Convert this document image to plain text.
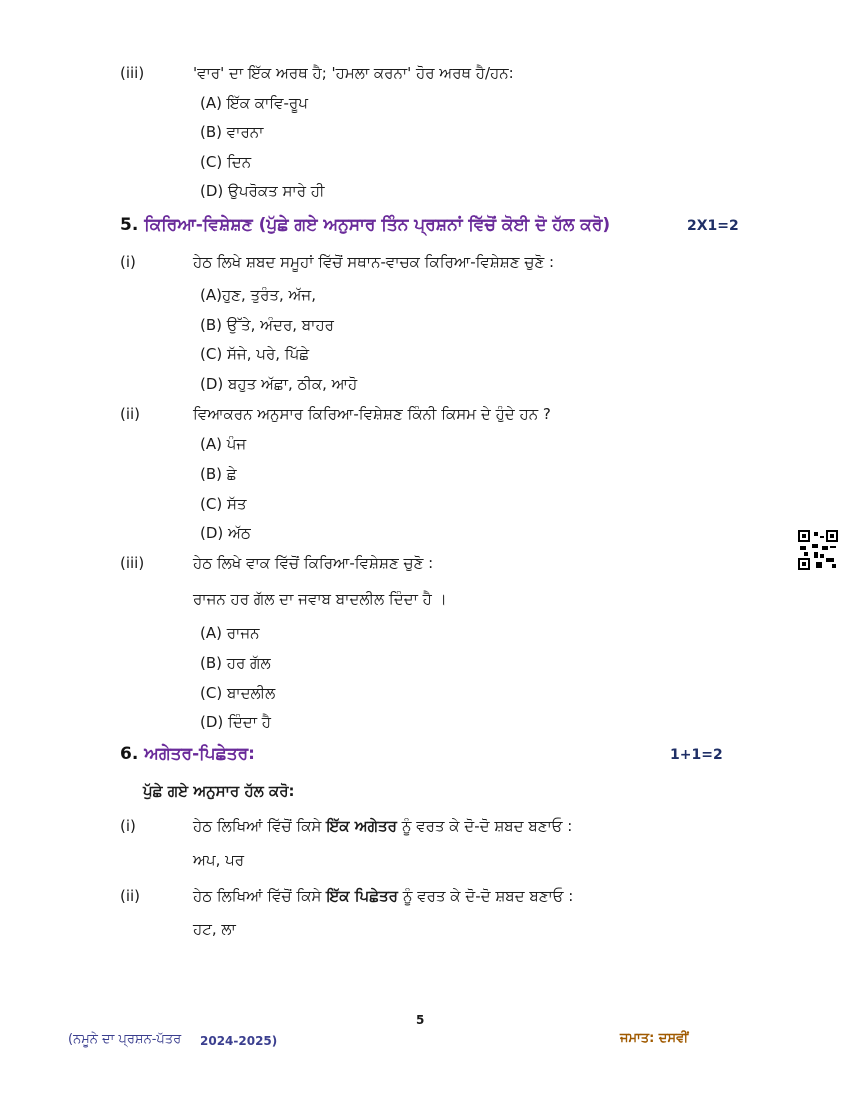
(iii)	'ਵਾਰ' ਦਾ ਇੱਕ ਅਰਥ ਹੈ; 'ਹਮਲਾ ਕਰਨਾ' ਹੋਰ ਅਰਥ ਹੈ/ਹਨ:
(A) ਇੱਕ ਕਾਵਿ-ਰੂਪ
(B) ਵਾਰਨਾ
(C) ਦਿਨ
(D) ਉਪਰੋਕਤ ਸਾਰੇ ਹੀ
5. ਕਿਰਿਆ-ਵਿਸ਼ੇਸ਼ਣ (ਪੁੱਛੇ ਗਏ ਅਨੁਸਾਰ ਤਿੰਨ ਪ੍ਰਸ਼ਨਾਂ ਵਿੱਚੋਂ ਕੋਈ ਦੋ ਹੱਲ ਕਰੋ)	2X1=2
(i)	ਹੇਠ ਲਿਖੇ ਸ਼ਬਦ ਸਮੂਹਾਂ ਵਿੱਚੋਂ ਸਥਾਨ-ਵਾਚਕ ਕਿਰਿਆ-ਵਿਸ਼ੇਸ਼ਣ ਚੁਣੋ :
(A)ਹੁਣ, ਤੁਰੰਤ, ਅੱਜ,
(B) ਉੱਤੇ, ਅੰਦਰ, ਬਾਹਰ
(C) ਸੱਜੇ, ਪਰੇ, ਪਿੱਛੇ
(D) ਬਹੁਤ ਅੱਛਾ, ਠੀਕ, ਆਹੋ
(ii)	ਵਿਆਕਰਨ ਅਨੁਸਾਰ ਕਿਰਿਆ-ਵਿਸ਼ੇਸ਼ਣ ਕਿੰਨੀ ਕਿਸਮ ਦੇ ਹੁੰਦੇ ਹਨ ?
(A) ਪੰਜ
(B) ਛੇ
(C) ਸੱਤ
(D) ਅੱਠ
(iii)	ਹੇਠ ਲਿਖੇ ਵਾਕ ਵਿੱਚੋਂ ਕਿਰਿਆ-ਵਿਸ਼ੇਸ਼ਣ ਚੁਣੋ :
ਰਾਜਨ ਹਰ ਗੱਲ ਦਾ ਜਵਾਬ ਬਾਦਲੀਲ ਦਿੰਦਾ ਹੈ ।
(A) ਰਾਜਨ
(B) ਹਰ ਗੱਲ
(C) ਬਾਦਲੀਲ
(D) ਦਿੰਦਾ ਹੈ
6. ਅਗੇਤਰ-ਪਿਛੇਤਰ:	1+1=2
ਪੁੱਛੇ ਗਏ ਅਨੁਸਾਰ ਹੱਲ ਕਰੋ:
(i)	ਹੇਠ ਲਿਖਿਆਂ ਵਿੱਚੋਂ ਕਿਸੇ ਇੱਕ ਅਗੇਤਰ ਨੂੰ ਵਰਤ ਕੇ ਦੋ-ਦੋ ਸ਼ਬਦ ਬਣਾਓ :
ਅਪ, ਪਰ
(ii)	ਹੇਠ ਲਿਖਿਆਂ ਵਿੱਚੋਂ ਕਿਸੇ ਇੱਕ ਪਿਛੇਤਰ ਨੂੰ ਵਰਤ ਕੇ ਦੋ-ਦੋ ਸ਼ਬਦ ਬਣਾਓ :
ਹਟ, ਲਾ
5
(ਨਮੂਨੇ ਦਾ ਪ੍ਰਸ਼ਨ-ਪੱਤਰ 2024-2025)	ਜਮਾਤ: ਦਸਵੀਂ
